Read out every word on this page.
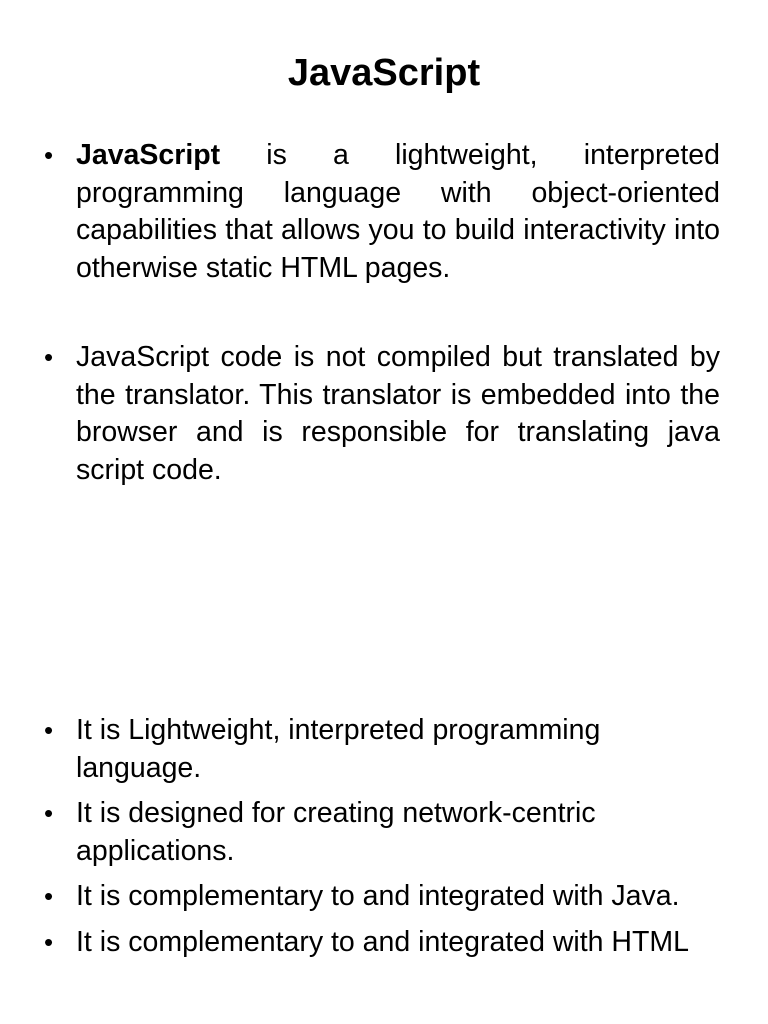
JavaScript
• JavaScript is a lightweight, interpreted programming language with object-oriented capabilities that allows you to build interactivity into otherwise static HTML pages.
• JavaScript code is not compiled but translated by the translator. This translator is embedded into the browser and is responsible for translating java script code.
• It is Lightweight, interpreted programming language.
• It is designed for creating network-centric applications.
• It is complementary to and integrated with Java.
• It is complementary to and integrated with HTML
